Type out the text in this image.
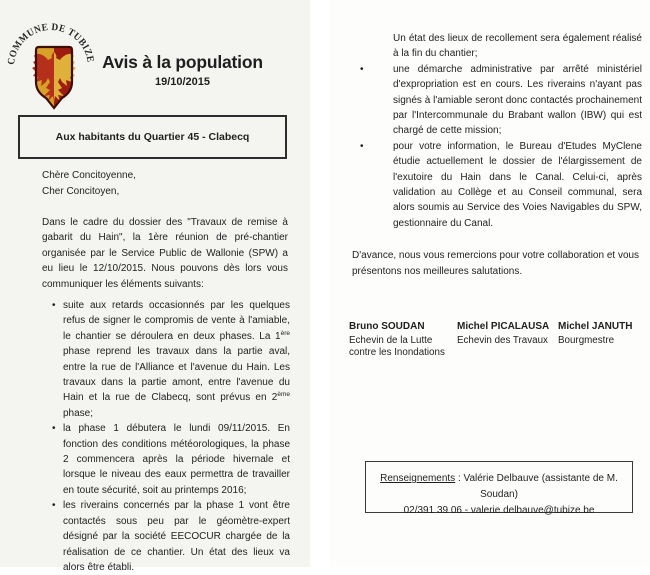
COMMUNE DE TUBIZE Avis à la population
19/10/2015
Aux habitants du Quartier 45 - Clabecq
Chère Concitoyenne,
Cher Concitoyen,
Dans le cadre du dossier des "Travaux de remise à gabarit du Hain", la 1ère réunion de pré-chantier organisée par le Service Public de Wallonie (SPW) a eu lieu le 12/10/2015. Nous pouvons dès lors vous communiquer les éléments suivants:
• suite aux retards occasionnés par les quelques refus de signer le compromis de vente à l'amiable, le chantier se déroulera en deux phases. La 1ère phase reprend les travaux dans la partie aval, entre la rue de l'Alliance et l'avenue du Hain. Les travaux dans la partie amont, entre l'avenue du Hain et la rue de Clabecq, sont prévus en 2ème phase;
• la phase 1 débutera le lundi 09/11/2015. En fonction des conditions météorologiques, la phase 2 commencera après la période hivernale et lorsque le niveau des eaux permettra de travailler en toute sécurité, soit au printemps 2016;
• les riverains concernés par la phase 1 vont être contactés sous peu par le géomètre-expert désigné par la société EECOCUR chargée de la réalisation de ce chantier. Un état des lieux va alors être établi.
Un état des lieux de recollement sera également réalisé à la fin du chantier;
•	une démarche administrative par arrêté ministériel d'expropriation est en cours. Les riverains n'ayant pas signés à l'amiable seront donc contactés prochainement par l'Intercommunale du Brabant wallon (IBW) qui est chargé de cette mission;
•	pour votre information, le Bureau d'Etudes MyClene étudie actuellement le dossier de l'élargissement de l'exutoire du Hain dans le Canal. Celui-ci, après validation au Collège et au Conseil communal, sera alors soumis au Service des Voies Navigables du SPW, gestionnaire du Canal.
D'avance, nous vous remercions pour votre collaboration et vous présentons nos meilleures salutations.
Bruno SOUDAN
Echevin de la Lutte contre les Inondations
Michel PICALAUSA
Echevin des Travaux
Michel JANUTH
Bourgmestre
Renseignements : Valérie Delbauve (assistante de M. Soudan)
02/391 39 06 - valerie.delbauve@tubize.be
